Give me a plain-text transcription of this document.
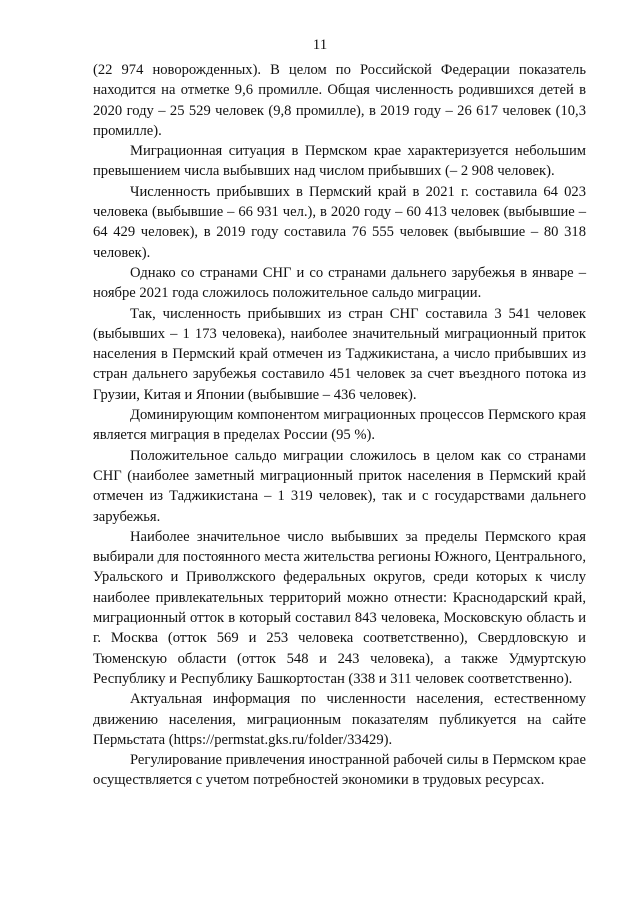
11

(22 974 новорожденных). В целом по Российской Федерации показатель находится на отметке 9,6 промилле. Общая численность родившихся детей в 2020 году – 25 529 человек (9,8 промилле), в 2019 году – 26 617 человек (10,3 промилле).

Миграционная ситуация в Пермском крае характеризуется небольшим превышением числа выбывших над числом прибывших (– 2 908 человек).

Численность прибывших в Пермский край в 2021 г. составила 64 023 человека (выбывшие – 66 931 чел.), в 2020 году – 60 413 человек (выбывшие – 64 429 человек), в 2019 году составила 76 555 человек (выбывшие – 80 318 человек).

Однако со странами СНГ и со странами дальнего зарубежья в январе – ноябре 2021 года сложилось положительное сальдо миграции.

Так, численность прибывших из стран СНГ составила 3 541 человек (выбывших – 1 173 человека), наиболее значительный миграционный приток населения в Пермский край отмечен из Таджикистана, а число прибывших из стран дальнего зарубежья составило 451 человек за счет въездного потока из Грузии, Китая и Японии (выбывшие – 436 человек).

Доминирующим компонентом миграционных процессов Пермского края является миграция в пределах России (95 %).

Положительное сальдо миграции сложилось в целом как со странами СНГ (наиболее заметный миграционный приток населения в Пермский край отмечен из Таджикистана – 1 319 человек), так и с государствами дальнего зарубежья.

Наиболее значительное число выбывших за пределы Пермского края выбирали для постоянного места жительства регионы Южного, Центрального, Уральского и Приволжского федеральных округов, среди которых к числу наиболее привлекательных территорий можно отнести: Краснодарский край, миграционный отток в который составил 843 человека, Московскую область и г. Москва (отток 569 и 253 человека соответственно), Свердловскую и Тюменскую области (отток 548 и 243 человека), а также Удмуртскую Республику и Республику Башкортостан (338 и 311 человек соответственно).

Актуальная информация по численности населения, естественному движению населения, миграционным показателям публикуется на сайте Пермьстата (https://permstat.gks.ru/folder/33429).

Регулирование привлечения иностранной рабочей силы в Пермском крае осуществляется с учетом потребностей экономики в трудовых ресурсах.
